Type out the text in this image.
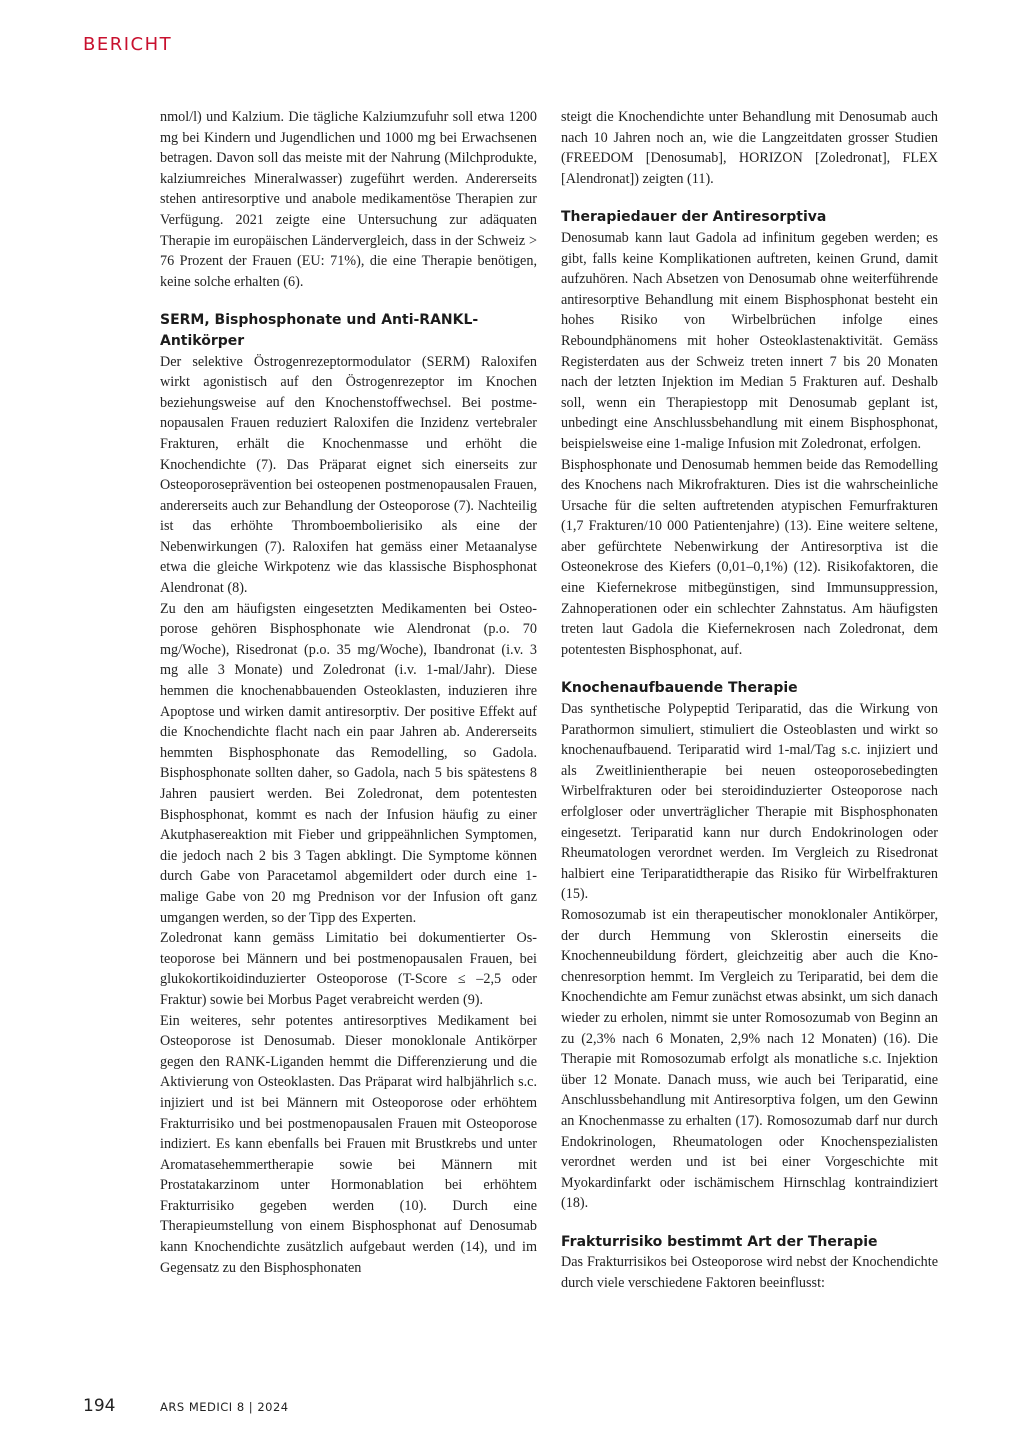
BERICHT

nmol/l) und Kalzium. Die tägliche Kalziumzufuhr soll etwa 1200 mg bei Kindern und Jugendlichen und 1000 mg bei Erwachsenen betragen. Davon soll das meiste mit der Nahrung (Milchprodukte, kalziumreiches Mineralwasser) zugeführt werden. Andererseits stehen antiresorptive und anabole medikamentöse Therapien zur Verfügung. 2021 zeigte eine Untersuchung zur adäquaten Therapie im europäischen Ländervergleich, dass in der Schweiz > 76 Prozent der Frauen (EU: 71%), die eine Therapie benötigen, keine solche erhalten (6).

SERM, Bisphosphonate und Anti-RANKL-Antikörper

Der selektive Östrogenrezeptormodulator (SERM) Raloxifen wirkt agonistisch auf den Östrogenrezeptor im Knochen beziehungsweise auf den Knochenstoffwechsel. Bei postmenopausalen Frauen reduziert Raloxifen die Inzidenz vertebraler Frakturen, erhält die Knochenmasse und erhöht die Knochendichte (7). Das Präparat eignet sich einerseits zur Osteoporoseprävention bei osteopenen postmenopausalen Frauen, andererseits auch zur Behandlung der Osteoporose (7). Nachteilig ist das erhöhte Thromboembolierisiko als eine der Nebenwirkungen (7). Raloxifen hat gemäss einer Metaanalyse etwa die gleiche Wirkpotenz wie das klassische Bisphosphonat Alendronat (8).

Zu den am häufigsten eingesetzten Medikamenten bei Osteoporose gehören Bisphosphonate wie Alendronat (p.o. 70 mg/Woche), Risedronat (p.o. 35 mg/Woche), Ibandronat (i.v. 3 mg alle 3 Monate) und Zoledronat (i.v. 1-mal/Jahr). Diese hemmen die knochenabbauenden Osteoklasten, induzieren ihre Apoptose und wirken damit antiresorptiv. Der positive Effekt auf die Knochendichte flacht nach ein paar Jahren ab. Andererseits hemmten Bisphosphonate das Remodelling, so Gadola. Bisphosphonate sollten daher, so Gadola, nach 5 bis spätestens 8 Jahren pausiert werden. Bei Zoledronat, dem potentesten Bisphosphonat, kommt es nach der Infusion häufig zu einer Akutphasereaktion mit Fieber und grippeähnlichen Symptomen, die jedoch nach 2 bis 3 Tagen abklingt. Die Symptome können durch Gabe von Paracetamol abgemildert oder durch eine 1-malige Gabe von 20 mg Prednison vor der Infusion oft ganz umgangen werden, so der Tipp des Experten.

Zoledronat kann gemäss Limitatio bei dokumentierter Osteoporose bei Männern und bei postmenopausalen Frauen, bei glukokortikoidinduzierter Osteoporose (T-Score ≤ –2,5 oder Fraktur) sowie bei Morbus Paget verabreicht werden (9).

Ein weiteres, sehr potentes antiresorptives Medikament bei Osteoporose ist Denosumab. Dieser monoklonale Antikörper gegen den RANK-Liganden hemmt die Differenzierung und die Aktivierung von Osteoklasten. Das Präparat wird halbjährlich s.c. injiziert und ist bei Männern mit Osteoporose oder erhöhtem Frakturrisiko und bei postmenopausalen Frauen mit Osteoporose indiziert. Es kann ebenfalls bei Frauen mit Brustkrebs und unter Aromatasehemmertherapie sowie bei Männern mit Prostatakarzinom unter Hormonablation bei erhöhtem Frakturrisiko gegeben werden (10). Durch eine Therapieumstellung von einem Bisphosphonat auf Denosumab kann Knochendichte zusätzlich aufgebaut werden (14), und im Gegensatz zu den Bisphosphonaten

steigt die Knochendichte unter Behandlung mit Denosumab auch nach 10 Jahren noch an, wie die Langzeitdaten grosser Studien (FREEDOM [Denosumab], HORIZON [Zoledronat], FLEX [Alendronat]) zeigten (11).

Therapiedauer der Antiresorptiva

Denosumab kann laut Gadola ad infinitum gegeben werden; es gibt, falls keine Komplikationen auftreten, keinen Grund, damit aufzuhören. Nach Absetzen von Denosumab ohne weiterführende antiresorptive Behandlung mit einem Bisphosphonat besteht ein hohes Risiko von Wirbelbrüchen infolge eines Reboundphänomens mit hoher Osteoklastenaktivität. Gemäss Registerdaten aus der Schweiz treten innert 7 bis 20 Monaten nach der letzten Injektion im Median 5 Frakturen auf. Deshalb soll, wenn ein Therapiestopp mit Denosumab geplant ist, unbedingt eine Anschlussbehandlung mit einem Bisphosphonat, beispielsweise eine 1-malige Infusion mit Zoledronat, erfolgen.

Bisphosphonate und Denosumab hemmen beide das Remodelling des Knochens nach Mikrofrakturen. Dies ist die wahrscheinliche Ursache für die selten auftretenden atypischen Femurfrakturen (1,7 Frakturen/10 000 Patientenjahre) (13). Eine weitere seltene, aber gefürchtete Nebenwirkung der Antiresorptiva ist die Osteonekrose des Kiefers (0,01–0,1%) (12). Risikofaktoren, die eine Kiefernekrose mitbegünstigen, sind Immunsuppression, Zahnoperationen oder ein schlechter Zahnstatus. Am häufigsten treten laut Gadola die Kiefernekrosen nach Zoledronat, dem potentesten Bisphosphonat, auf.

Knochenaufbauende Therapie

Das synthetische Polypeptid Teriparatid, das die Wirkung von Parathormon simuliert, stimuliert die Osteoblasten und wirkt so knochenaufbauend. Teriparatid wird 1-mal/Tag s.c. injiziert und als Zweitlinientherapie bei neuen osteoporosebedingten Wirbelfrakturen oder bei steroidinduzierter Osteoporose nach erfolgloser oder unverträglicher Therapie mit Bisphosphonaten eingesetzt. Teriparatid kann nur durch Endokrinologen oder Rheumatologen verordnet werden. Im Vergleich zu Risedronat halbiert eine Teriparatidtherapie das Risiko für Wirbelfrakturen (15).

Romosozumab ist ein therapeutischer monoklonaler Antikörper, der durch Hemmung von Sklerostin einerseits die Knochenneubildung fördert, gleichzeitig aber auch die Knochenresorption hemmt. Im Vergleich zu Teriparatid, bei dem die Knochendichte am Femur zunächst etwas absinkt, um sich danach wieder zu erholen, nimmt sie unter Romosozumab von Beginn an zu (2,3% nach 6 Monaten, 2,9% nach 12 Monaten) (16). Die Therapie mit Romosozumab erfolgt als monatliche s.c. Injektion über 12 Monate. Danach muss, wie auch bei Teriparatid, eine Anschlussbehandlung mit Antiresorptiva folgen, um den Gewinn an Knochenmasse zu erhalten (17). Romosozumab darf nur durch Endokrinologen, Rheumatologen oder Knochenspezialisten verordnet werden und ist bei einer Vorgeschichte mit Myokardinfarkt oder ischämischem Hirnschlag kontraindiziert (18).

Frakturrisiko bestimmt Art der Therapie

Das Frakturrisikos bei Osteoporose wird nebst der Knochendichte durch viele verschiedene Faktoren beeinflusst:

194	ARS MEDICI 8 | 2024
